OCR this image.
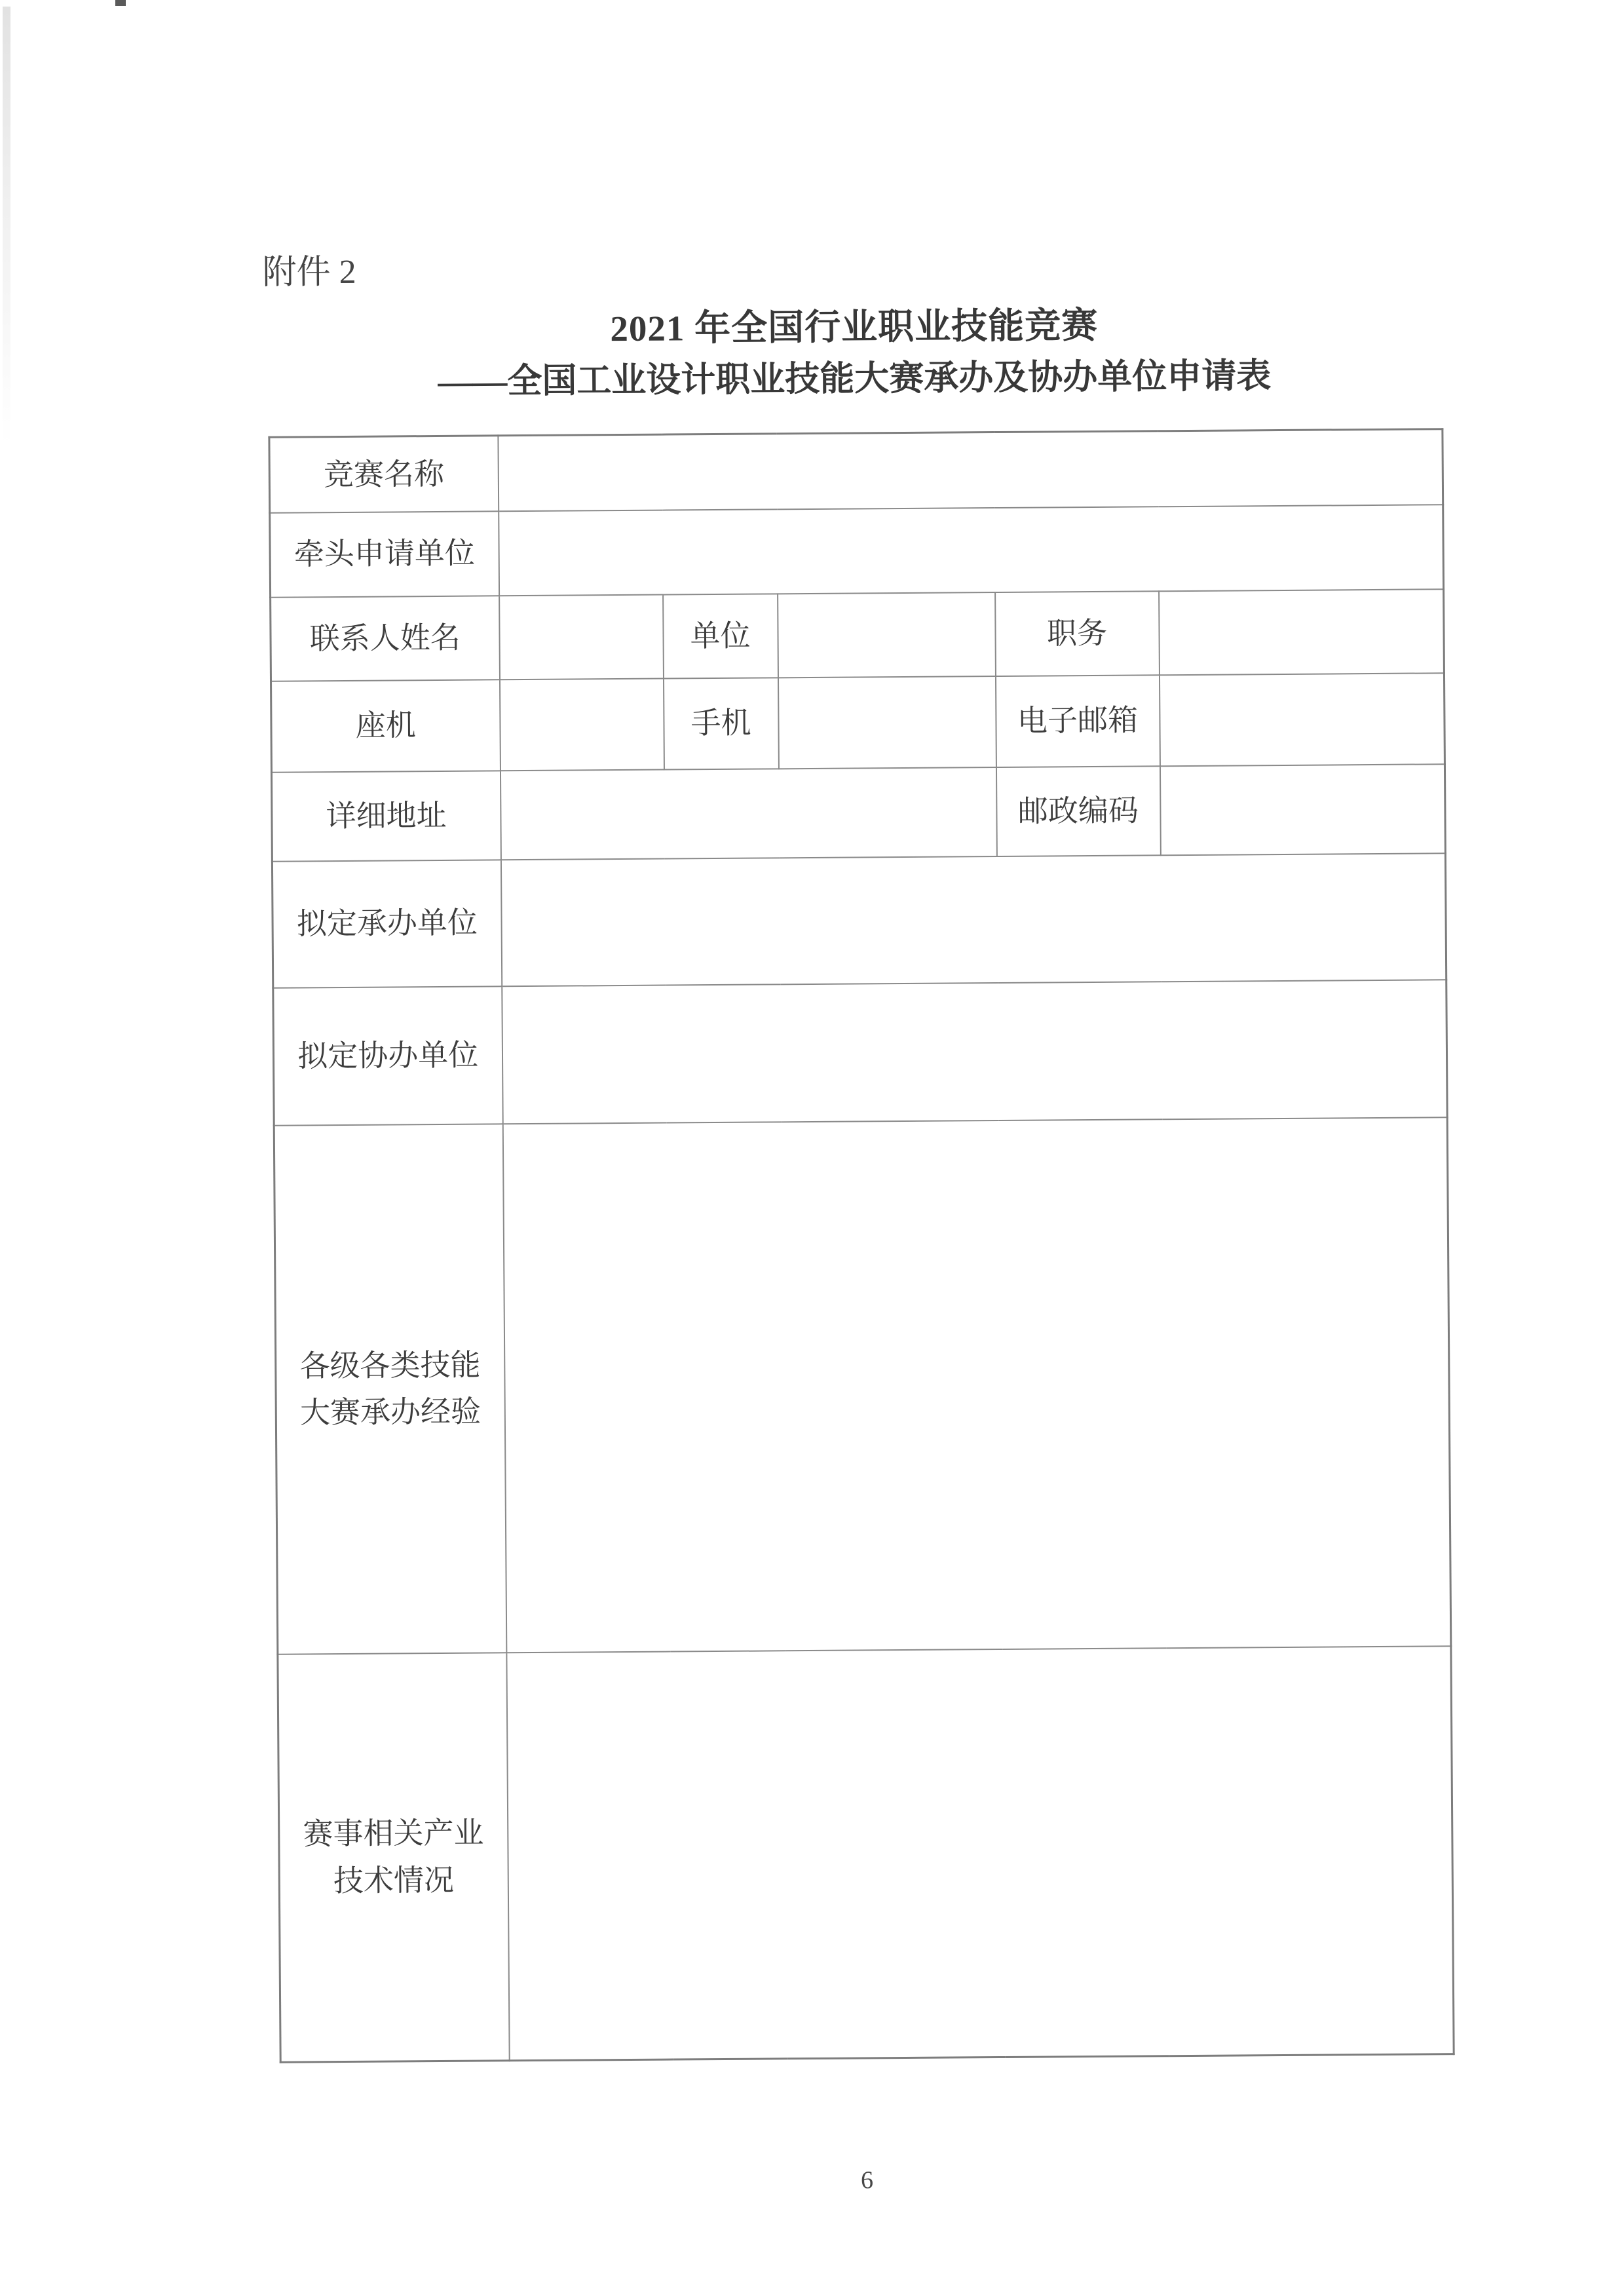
附件 2
2021 年全国行业职业技能竞赛
——全国工业设计职业技能大赛承办及协办单位申请表
竞赛名称					
牵头申请单位					
联系人姓名		单位		职务	
座机		手机		电子邮箱	
详细地址				邮政编码	
拟定承办单位					
拟定协办单位					

各级各类技能
大赛承办经验					

赛事相关产业
技术情况					

6
